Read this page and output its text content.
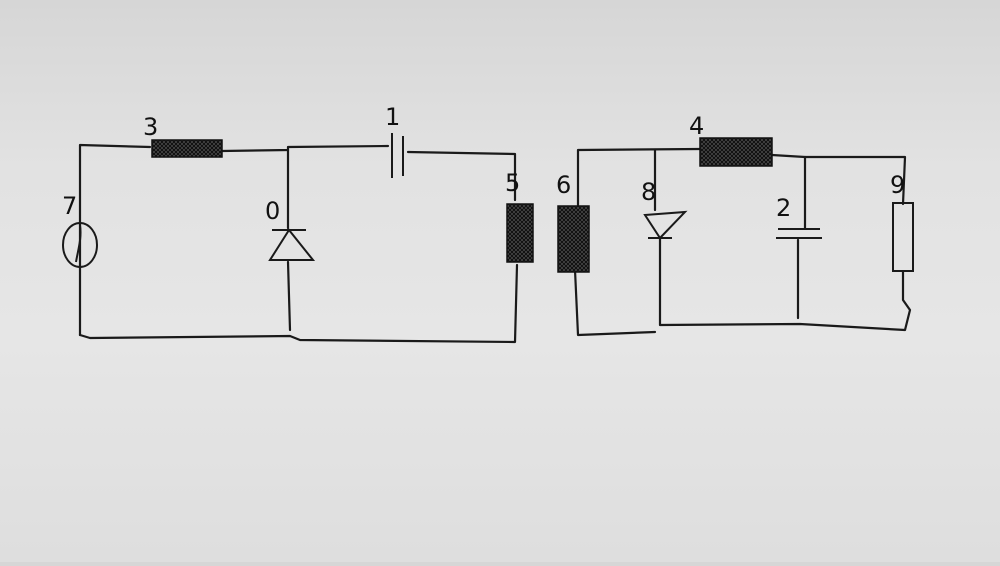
0
1
2
3	4
5 6
7	8	9
